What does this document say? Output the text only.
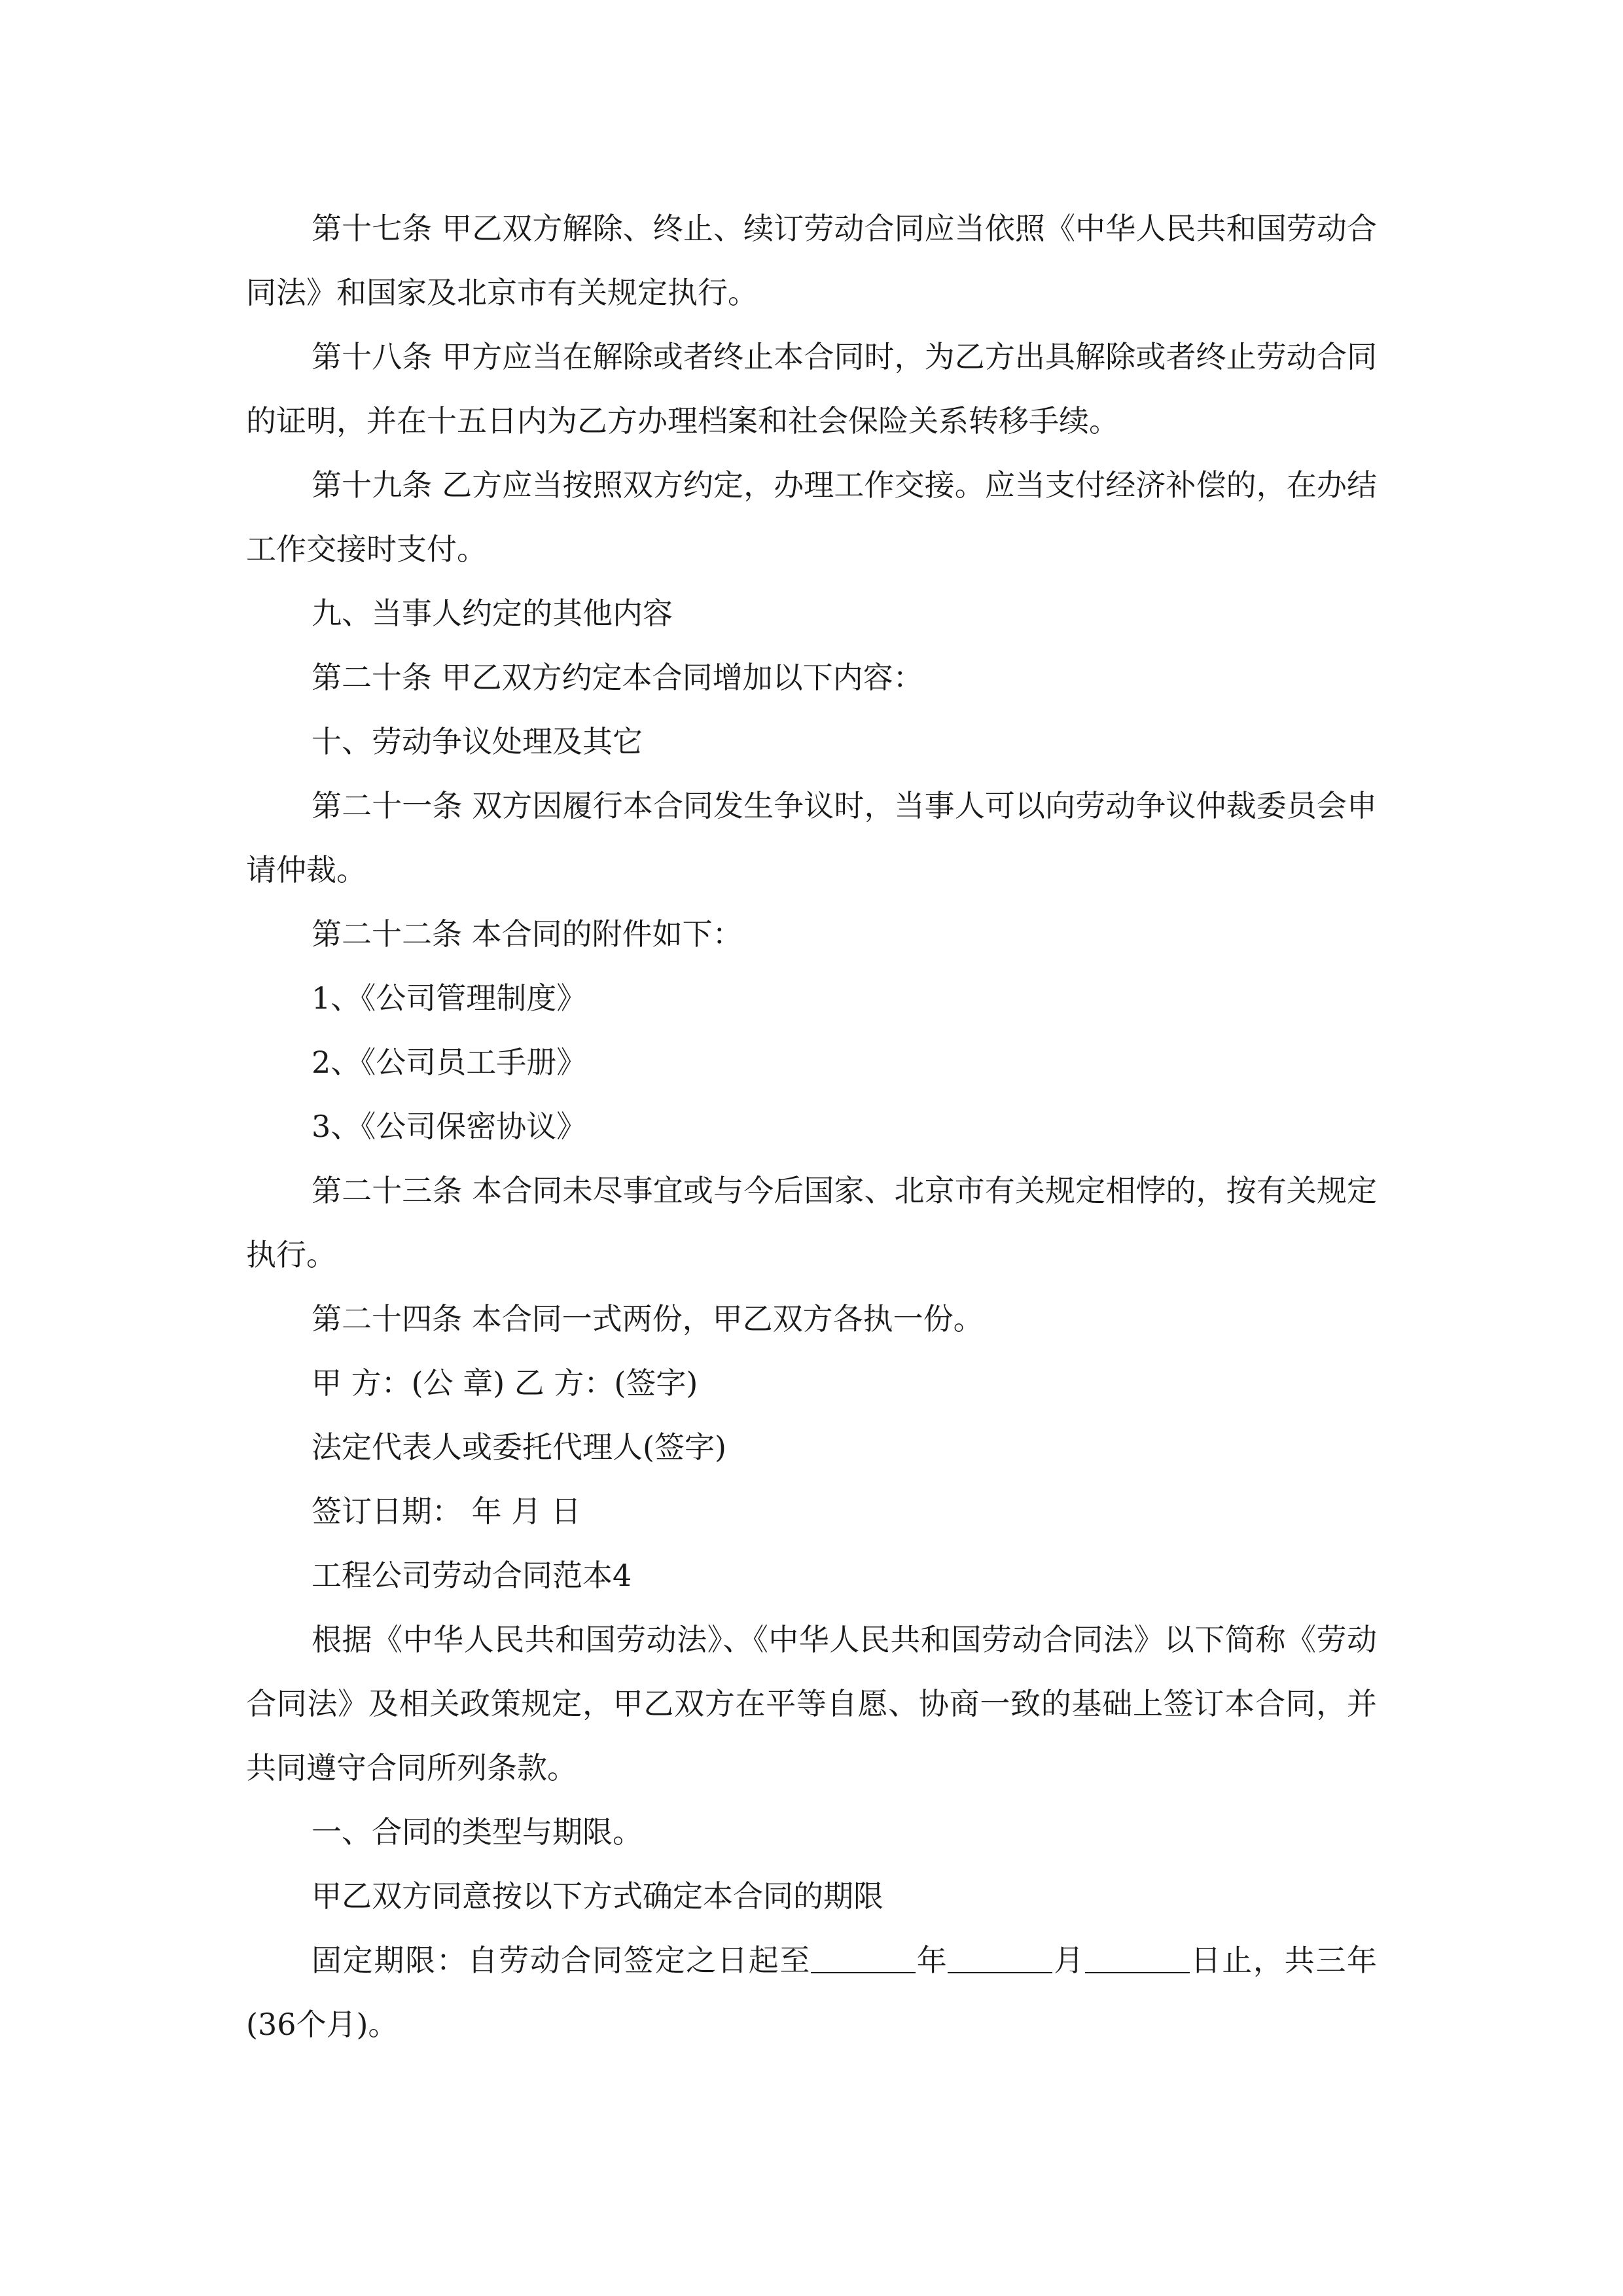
第十七条 甲乙双方解除、终止、续订劳动合同应当依照《中华人民共和国劳动合同法》和国家及北京市有关规定执行。

第十八条 甲方应当在解除或者终止本合同时，为乙方出具解除或者终止劳动合同的证明，并在十五日内为乙方办理档案和社会保险关系转移手续。

第十九条 乙方应当按照双方约定，办理工作交接。应当支付经济补偿的，在办结工作交接时支付。

九、当事人约定的其他内容

第二十条 甲乙双方约定本合同增加以下内容：

十、劳动争议处理及其它

第二十一条 双方因履行本合同发生争议时，当事人可以向劳动争议仲裁委员会申请仲裁。

第二十二条 本合同的附件如下：

1、《公司管理制度》

2、《公司员工手册》

3、《公司保密协议》

第二十三条 本合同未尽事宜或与今后国家、北京市有关规定相悖的，按有关规定执行。

第二十四条 本合同一式两份，甲乙双方各执一份。

甲 方：(公 章) 乙 方：(签字)

法定代表人或委托代理人(签字)

签订日期： 年 月 日

工程公司劳动合同范本4

根据《中华人民共和国劳动法》、《中华人民共和国劳动合同法》以下简称《劳动合同法》及相关政策规定，甲乙双方在平等自愿、协商一致的基础上签订本合同，并共同遵守合同所列条款。

一、合同的类型与期限。

甲乙双方同意按以下方式确定本合同的期限

固定期限：自劳动合同签定之日起至	年	月	日止，共三年(36个月)。
